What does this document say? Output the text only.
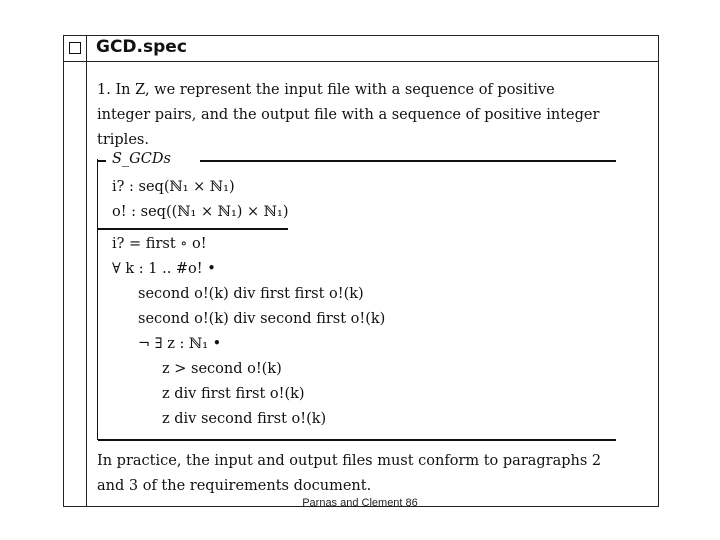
GCD.spec
1. In Z, we represent the input file with a sequence of positive
integer pairs, and the output file with a sequence of positive integer
triples.
S_GCDs
i? : seq(ℕ₁ × ℕ₁)
o! : seq((ℕ₁ × ℕ₁) × ℕ₁)
i? = first ∘ o!
∀ k : 1 .. #o! •
second o!(k) div first first o!(k)
second o!(k) div second first o!(k)
¬ ∃ z : ℕ₁ •
z > second o!(k)
z div first first o!(k)
z div second first o!(k)
In practice, the input and output files must conform to paragraphs 2
and 3 of the requirements document.
Parnas and Clement 86
